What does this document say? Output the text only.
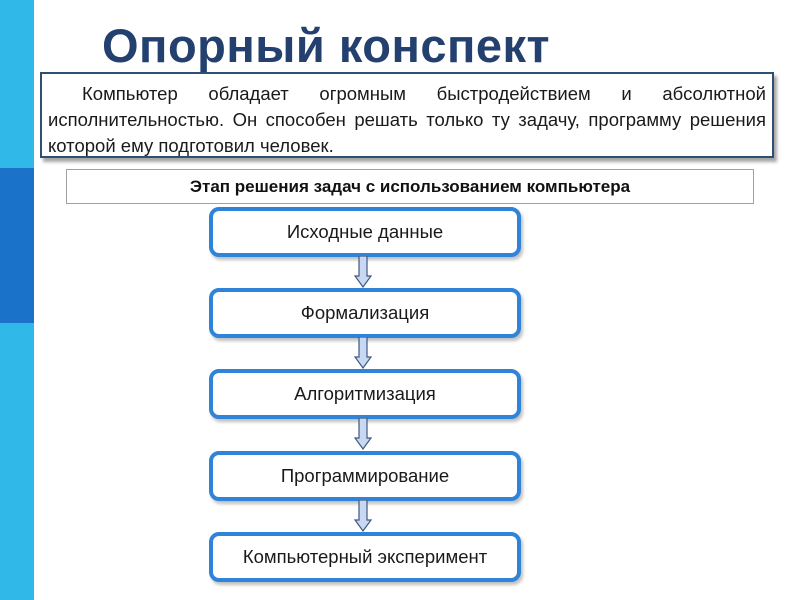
Опорный конспект

Компьютер обладает огромным быстродействием и абсолютной исполнительностью. Он способен решать только ту задачу, программу решения которой ему подготовил человек.

Этап решения задач с использованием компьютера
Исходные данные
Формализация
Алгоритмизация
Программирование
Компьютерный эксперимент
